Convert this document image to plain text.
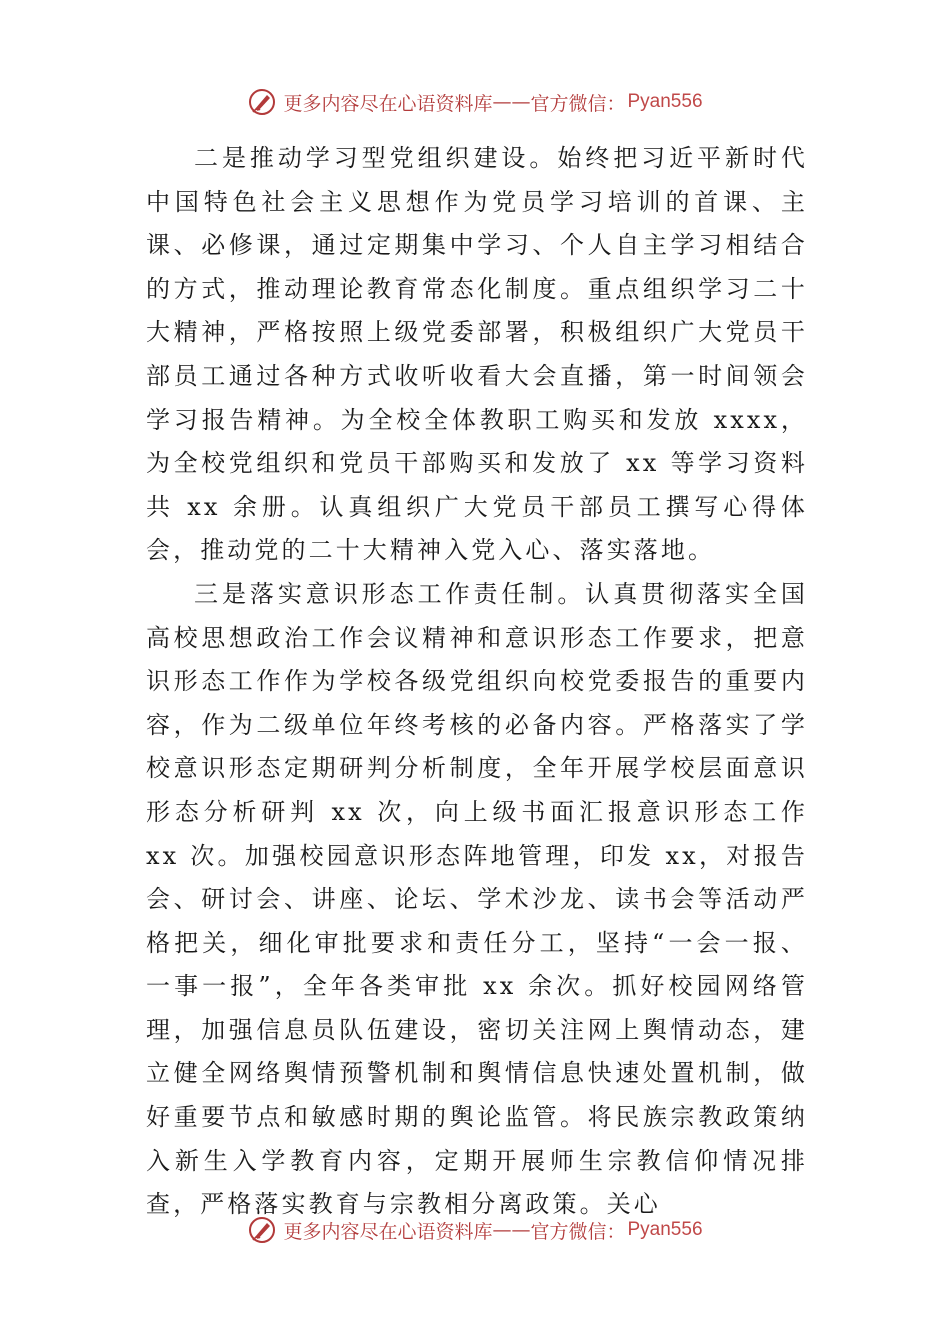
更多内容尽在心语资料库 —— 官方微信： Pyan556

二是推动学习型党组织建设。始终把习近平新时代中国特色社会主义思想作为党员学习培训的首课、主课、必修课，通过定期集中学习、个人自主学习相结合的方式，推动理论教育常态化制度。重点组织学习二十大精神，严格按照上级党委部署，积极组织广大党员干部员工通过各种方式收听收看大会直播，第一时间领会学习报告精神。为全校全体教职工购买和发放 xxxx，为全校党组织和党员干部购买和发放了 xx 等学习资料共 xx 余册。认真组织广大党员干部员工撰写心得体会，推动党的二十大精神入党入心、落实落地。

三是落实意识形态工作责任制。认真贯彻落实全国高校思想政治工作会议精神和意识形态工作要求，把意识形态工作作为学校各级党组织向校党委报告的重要内容，作为二级单位年终考核的必备内容。严格落实了学校意识形态定期研判分析制度，全年开展学校层面意识形态分析研判 xx 次，向上级书面汇报意识形态工作 xx 次。加强校园意识形态阵地管理，印发 xx，对报告会、研讨会、讲座、论坛、学术沙龙、读书会等活动严格把关，细化审批要求和责任分工，坚持“一会一报、一事一报”，全年各类审批 xx 余次。抓好校园网络管理，加强信息员队伍建设，密切关注网上舆情动态，建立健全网络舆情预警机制和舆情信息快速处置机制，做好重要节点和敏感时期的舆论监管。将民族宗教政策纳入新生入学教育内容，定期开展师生宗教信仰情况排查，严格落实教育与宗教相分离政策。关心

更多内容尽在心语资料库 —— 官方微信： Pyan556
